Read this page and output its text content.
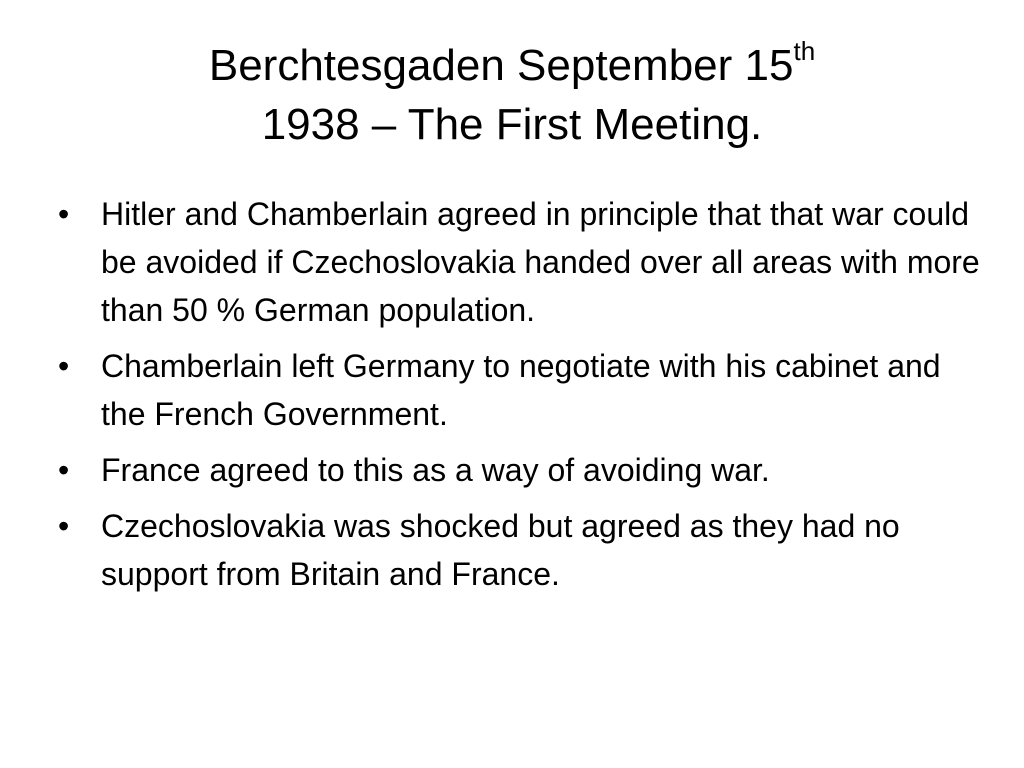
Berchtesgaden September 15th
1938 – The First Meeting.
• Hitler and Chamberlain agreed in principle that that war could be avoided if Czechoslovakia handed over all areas with more than 50 % German population.
• Chamberlain left Germany to negotiate with his cabinet and the French Government.
• France agreed to this as a way of avoiding war.
• Czechoslovakia was shocked but agreed as they had no support from Britain and France.
